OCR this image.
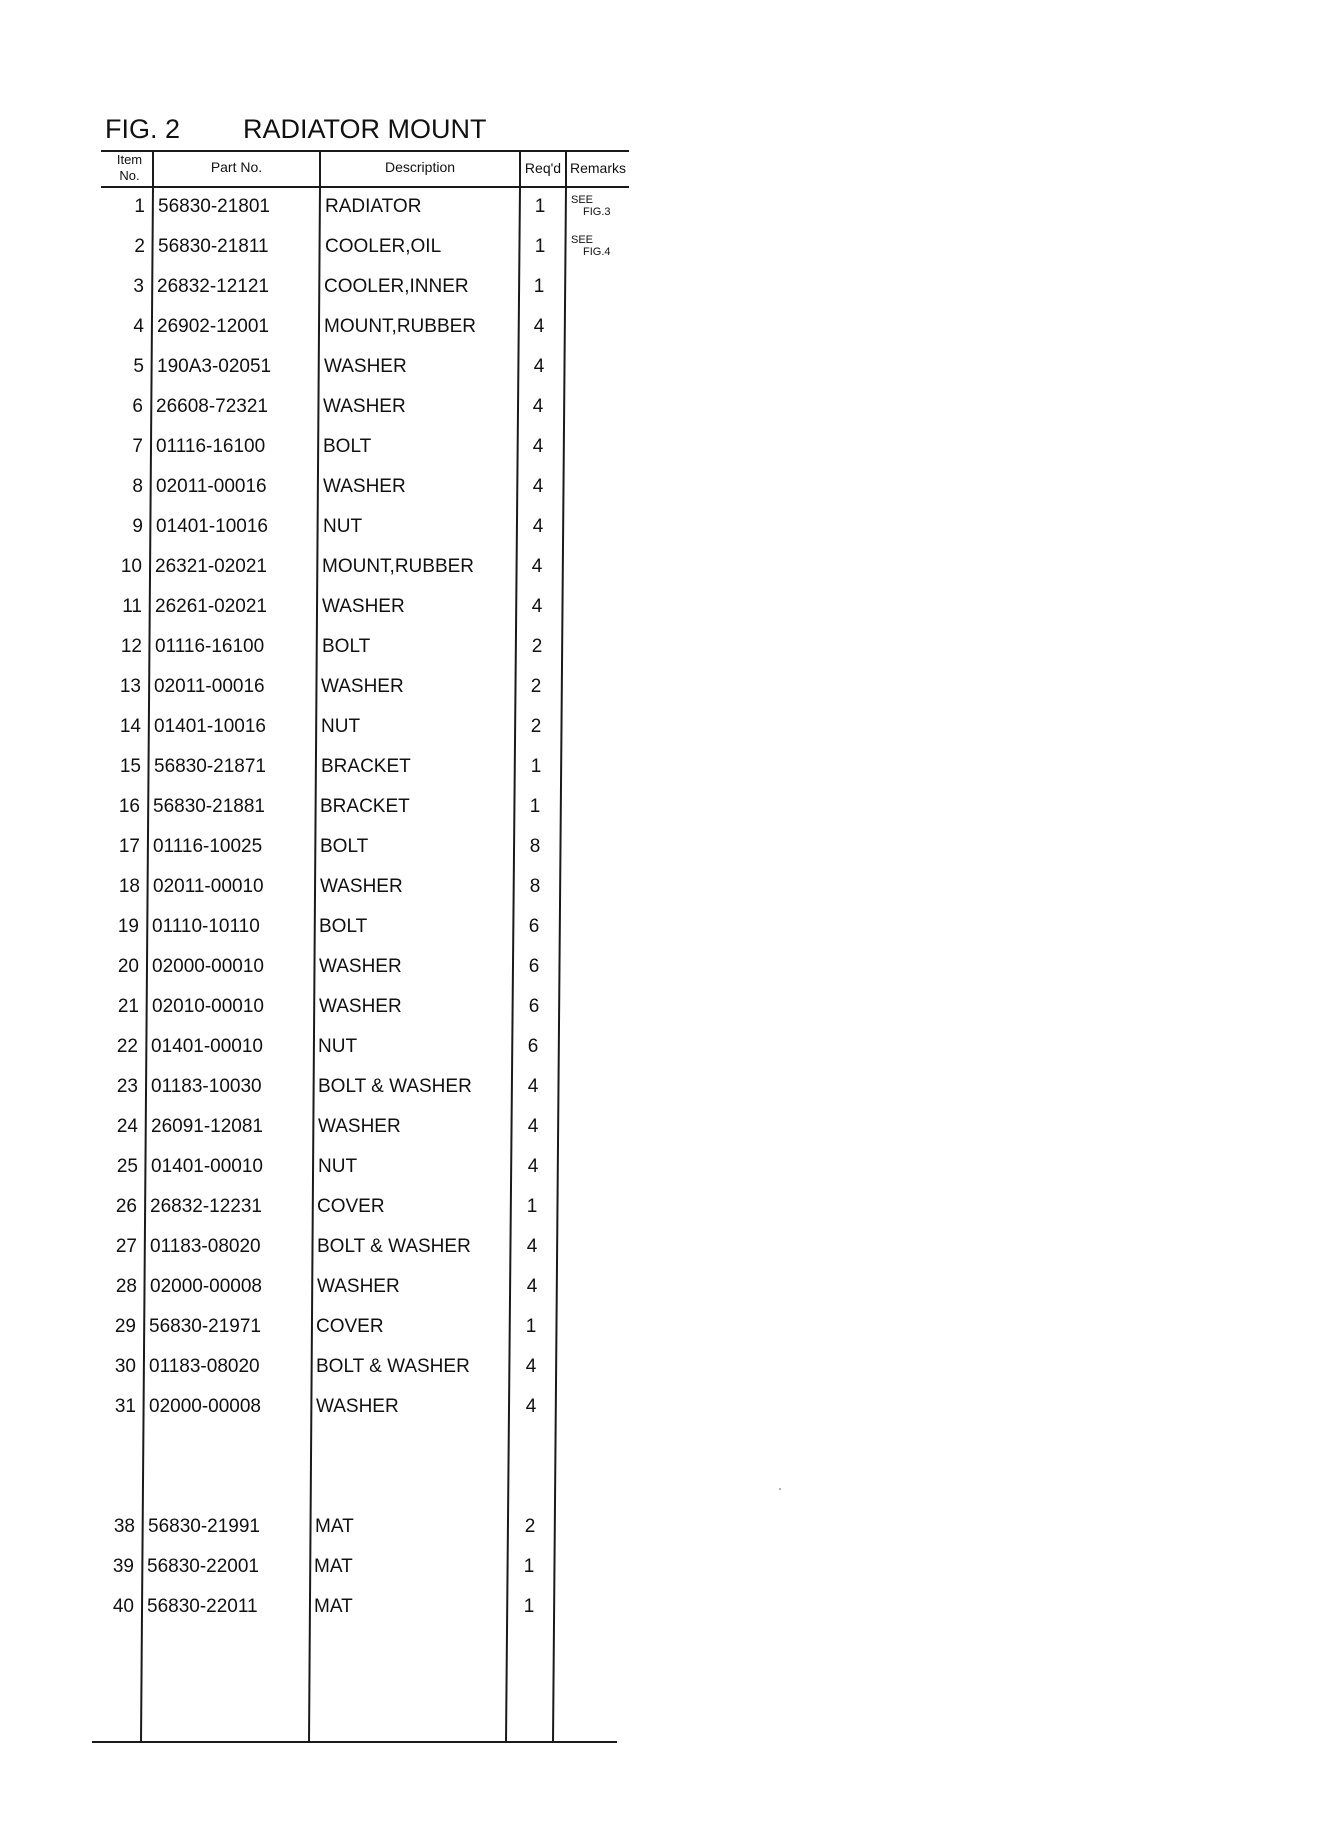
FIG. 2 RADIATOR MOUNT
Item
No.
Part No.	Description	Req'd Remarks
1 56830-21801	RADIATOR	1	SEE

FIG.3
2 56830-21811	COOLER,OIL	1	SEE

FIG.4
3 26832-12121	COOLER,INNER	1
4 26902-12001	MOUNT,RUBBER	4
5 190A3-02051	WASHER	4
6 26608-72321	WASHER	4
7 01116-16100	BOLT	4
8 02011-00016	WASHER	4
9 01401-10016	NUT	4
10 26321-02021	MOUNT,RUBBER	4
11 26261-02021	WASHER	4
12 01116-16100	BOLT	2
13 02011-00016	WASHER	2
14 01401-10016	NUT	2
15 56830-21871	BRACKET	1
16 56830-21881	BRACKET	1
17 01116-10025	BOLT	8
18 02011-00010	WASHER	8
19 01110-10110	BOLT	6
20 02000-00010	WASHER	6
21 02010-00010	WASHER	6
22 01401-00010	NUT	6
23 01183-10030	BOLT & WASHER	4
24 26091-12081	WASHER	4
25 01401-00010	NUT	4
26 26832-12231	COVER	1
27 01183-08020	BOLT & WASHER	4
28 02000-00008	WASHER	4
29 56830-21971	COVER	1
30 01183-08020	BOLT & WASHER	4
31 02000-00008	WASHER	4
38 56830-21991	MAT	2
39 56830-22001	MAT	1
40 56830-22011	MAT	1
